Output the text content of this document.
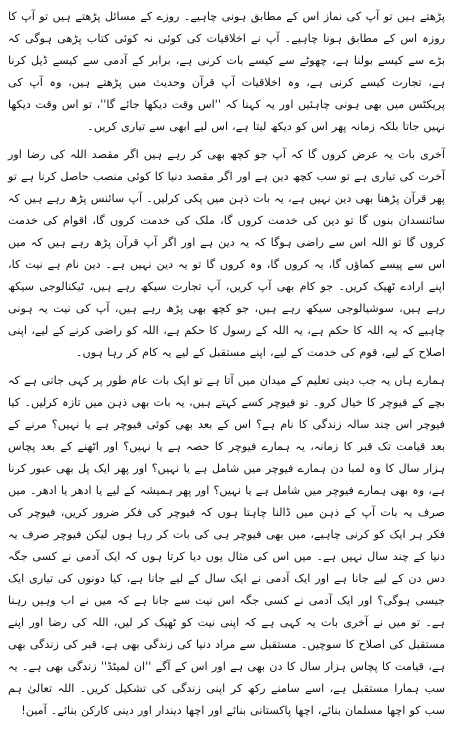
پڑھتے ہیں تو آپ کی نماز اس کے مطابق ہونی چاہیے۔ روزے کے مسائل پڑھتے ہیں تو آپ کا روزہ اس کے مطابق ہونا چاہیے۔ آپ نے اخلاقیات کی کوئی نہ کوئی کتاب پڑھی ہوگی کہ بڑے سے کیسے بولنا ہے، چھوٹے سے کیسے بات کرنی ہے، برابر کے آدمی سے کیسے ڈیل کرنا ہے، تجارت کیسے کرنی ہے، وہ اخلاقیات آپ قرآن وحدیث میں پڑھتے ہیں، وہ آپ کی پریکٹس میں بھی ہونی چاہئیں اور یہ کہنا کہ ''اس وقت دیکھا جائے گا''، تو اس وقت دیکھا نہیں جاتا بلکہ زمانہ پھر اس کو دیکھ لیتا ہے، اس لیے ابھی سے تیاری کریں۔

آخری بات یہ عرض کروں گا کہ آپ جو کچھ بھی کر رہے ہیں اگر مقصد اللہ کی رضا اور آخرت کی تیاری ہے تو سب کچھ دین ہے اور اگر مقصد دنیا کا کوئی منصب حاصل کرنا ہے تو پھر قرآن پڑھنا بھی دین نہیں ہے، یہ بات ذہن میں پکی کرلیں۔ آپ سائنس پڑھ رہے ہیں کہ سائنسدان بنوں گا تو دین کی خدمت کروں گا، ملک کی خدمت کروں گا، اقوام کی خدمت کروں گا تو اللہ اس سے راضی ہوگا کہ یہ دین ہے اور اگر آپ قرآن پڑھ رہے ہیں کہ میں اس سے پیسے کماؤں گا، یہ کروں گا، وہ کروں گا تو یہ دین نہیں ہے۔ دین نام ہے نیت کا، اپنے ارادے ٹھیک کریں۔ جو کام بھی آپ کریں، آپ تجارت سیکھ رہے ہیں، ٹیکنالوجی سیکھ رہے ہیں، سوشیالوجی سیکھ رہے ہیں، جو کچھ بھی پڑھ رہے ہیں، آپ کی نیت یہ ہونی چاہیے کہ یہ اللہ کا حکم ہے، یہ اللہ کے رسول کا حکم ہے، اللہ کو راضی کرنے کے لیے، اپنی اصلاح کے لیے، قوم کی خدمت کے لیے، اپنے مستقبل کے لیے یہ کام کر رہا ہوں۔

ہمارے ہاں یہ جب دینی تعلیم کے میدان میں آتا ہے تو ایک بات عام طور پر کہی جاتی ہے کہ بچے کے فیوچر کا خیال کرو۔ تو فیوچر کسے کہتے ہیں، یہ بات بھی ذہن میں تازہ کرلیں۔ کیا فیوچر اس چند سالہ زندگی کا نام ہے؟ اس کے بعد بھی کوئی فیوچر ہے یا نہیں؟ مرنے کے بعد قیامت تک قبر کا زمانہ، یہ ہمارے فیوچر کا حصہ ہے یا نہیں؟ اور اٹھنے کے بعد پچاس ہزار سال کا وہ لمبا دن ہمارے فیوچر میں شامل ہے یا نہیں؟ اور پھر ایک پل بھی عبور کرنا ہے، وہ بھی ہمارے فیوچر میں شامل ہے یا نہیں؟ اور پھر ہمیشہ کے لیے یا ادھر یا ادھر۔ میں صرف یہ بات آپ کے ذہن میں ڈالنا چاہتا ہوں کہ فیوچر کی فکر ضرور کریں، فیوچر کی فکر ہر ایک کو کرنی چاہیے، میں بھی فیوچر ہی کی بات کر رہا ہوں لیکن فیوچر صرف یہ دنیا کے چند سال نہیں ہے۔ میں اس کی مثال یوں دیا کرتا ہوں کہ ایک آدمی نے کسی جگہ دس دن کے لیے جانا ہے اور ایک آدمی نے ایک سال کے لیے جانا ہے، کیا دونوں کی تیاری ایک جیسی ہوگی؟ اور ایک آدمی نے کسی جگہ اس نیت سے جانا ہے کہ میں نے اب وہیں رہنا ہے۔ تو میں نے آخری بات یہ کہی ہے کہ اپنی نیت کو ٹھیک کر لیں، اللہ کی رضا اور اپنے مستقبل کی اصلاح کا سوچیں۔ مستقبل سے مراد دنیا کی زندگی بھی ہے، قبر کی زندگی بھی ہے، قیامت کا پچاس ہزار سال کا دن بھی ہے اور اس کے آگے ''ان لمیٹڈ'' زندگی بھی ہے۔ یہ سب ہمارا مستقبل ہے، اسے سامنے رکھ کر اپنی زندگی کی تشکیل کریں۔ اللہ تعالیٰ ہم سب کو اچھا مسلمان بنائے، اچھا پاکستانی بنائے اور اچھا دیندار اور دینی کارکن بنائے۔ آمین!
